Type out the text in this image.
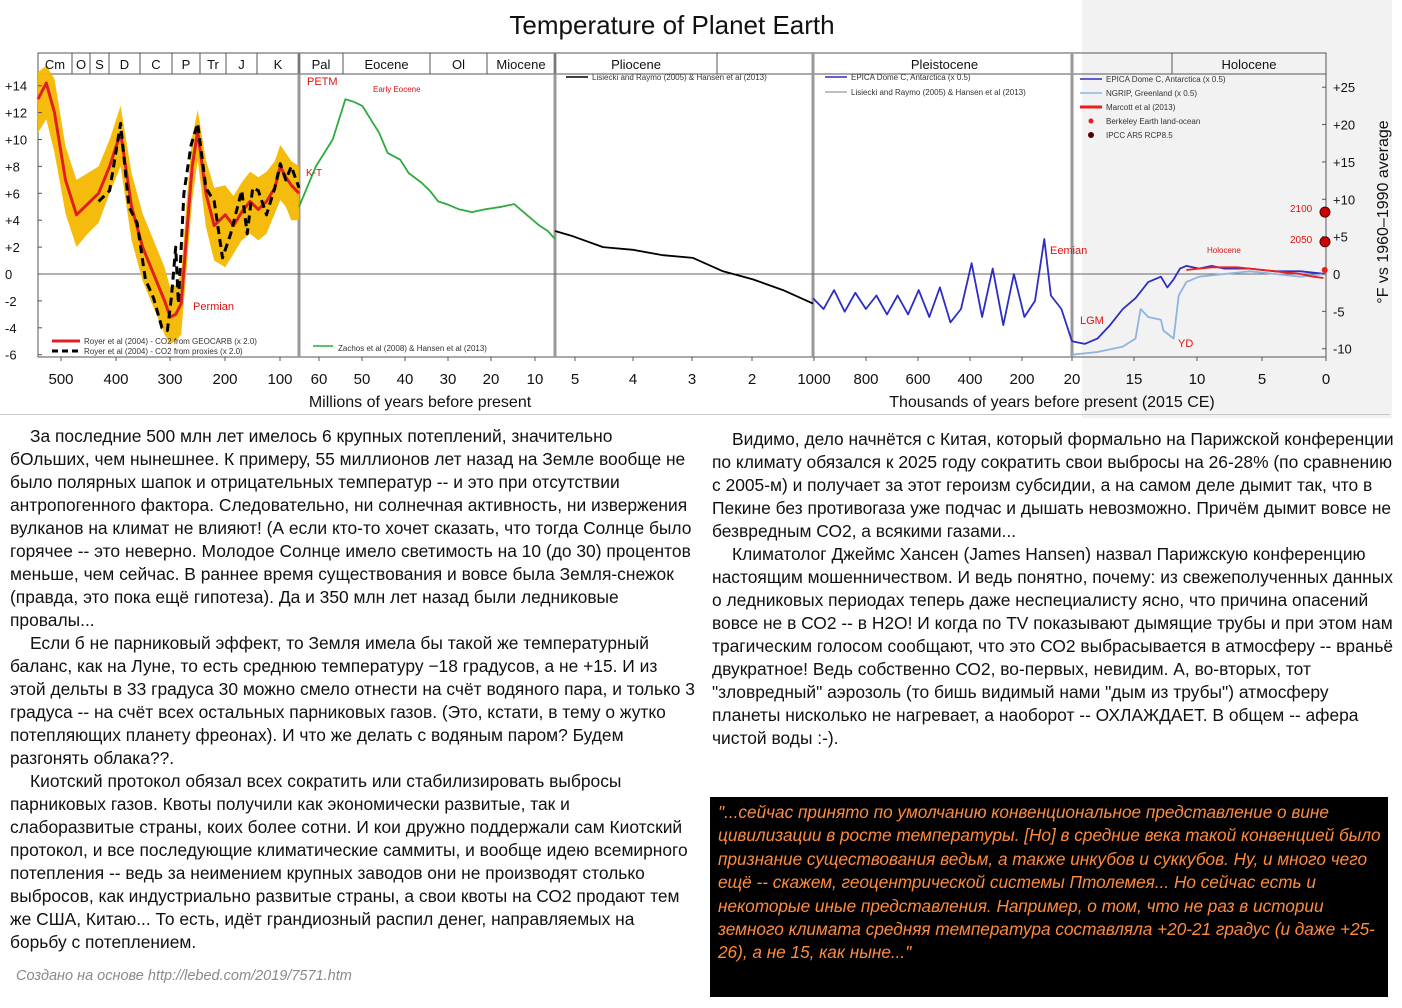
Temperature of Planet Earth
Cm O S D C P Tr J K Pal	Eocene	Ol Miocene	Pliocene	Pleistocene	Holocene
+14
+12
+10
+8
+6
+4
+2
0
-2
-4
-6
+25
+20
+15
+10
+5
0
-5
-10
500 400 300 200 100
Millions of years before present
60 50 40 30 20 10 5	4	3	2	1000 800 600 400 200 20	15	10	5	0
Thousands of years before present (2015 CE)
Royer et al (2004) - CO2 from GEOCARB (x 2.0)
Royer et al (2004) - CO2 from proxies (x 2.0)	Zachos et al (2008) & Hansen et al (2013)
Lisiecki and Raymo (2005) & Hansen et al (2013)	EPICA Dome C, Antarctica (x 0.5)
Lisiecki and Raymo (2005) & Hansen et al (2013)
EPICA Dome C, Antarctica (x 0.5)
NGRIP, Greenland (x 0.5)
Marcott et al (2013)
Berkeley Earth land-ocean
IPCC AR5 RCP8.5
Permian
PETM
Early Eocene
K-T
Eemian
LGM
YD
Holocene
2050
2100	°F vs 1960–1990 average

За последние 500 млн лет имелось 6 крупных потеплений, значительно бОльших, чем нынешнее. К примеру, 55 миллионов лет назад на Земле вообще не было полярных шапок и отрицательных температур -- и это при отсутствии антропогенного фактора. Следовательно, ни солнечная активность, ни извержения вулканов на климат не влияют! (А если кто-то хочет сказать, что тогда Солнце было горячее -- это неверно. Молодое Солнце имело светимость на 10 (до 30) процентов меньше, чем сейчас. В раннее время существования и вовсе была Земля-снежок (правда, это пока ещё гипотеза). Да и 350 млн лет назад были ледниковые провалы...

Если б не парниковый эффект, то Земля имела бы такой же температурный баланс, как на Луне, то есть среднюю температуру −18 градусов, а не +15. И из этой дельты в 33 градуса 30 можно смело отнести на счёт водяного пара, и только 3 градуса -- на счёт всех остальных парниковых газов. (Это, кстати, в тему о жутко потепляющих планету фреонах). И что же делать с водяным паром? Будем разгонять облака??.

Киотский протокол обязал всех сократить или стабилизировать выбросы парниковых газов. Квоты получили как экономически развитые, так и слаборазвитые страны, коих более сотни. И кои дружно поддержали сам Киотский протокол, и все последующие климатические саммиты, и вообще идею всемирного потепления -- ведь за неимением крупных заводов они не производят столько выбросов, как индустриально развитые страны, а свои квоты на СО2 продают тем же США, Китаю... То есть, идёт грандиозный распил денег, направляемых на борьбу с потеплением.

Видимо, дело начнётся с Китая, который формально на Парижской конференции по климату обязался к 2025 году сократить свои выбросы на 26-28% (по сравнению с 2005-м) и получает за этот героизм субсидии, а на самом деле дымит так, что в Пекине без противогаза уже подчас и дышать невозможно. Причём дымит вовсе не безвредным СО2, а всякими газами...

Климатолог Джеймс Хансен (James Hansen) назвал Парижскую конференцию настоящим мошенничеством. И ведь понятно, почему: из свежеполученных данных о ледниковых периодах теперь даже неспециалисту ясно, что причина опасений вовсе не в СО2 -- в Н2О! И когда по TV показывают дымящие трубы и при этом нам трагическим голосом сообщают, что это СО2 выбрасывается в атмосферу -- враньё двукратное! Ведь собственно СО2, во-первых, невидим. А, во-вторых, тот "зловредный" аэрозоль (то бишь видимый нами "дым из трубы") атмосферу планеты нисколько не нагревает, а наоборот -- ОХЛАЖДАЕТ. В общем -- афера чистой воды :-).

"...сейчас принято по умолчанию конвенциональное представление о вине цивилизации в росте температуры. [Но] в средние века такой конвенцией было признание существования ведьм, а также инкубов и суккубов. Ну, и много чего ещё -- скажем, геоцентрической системы Птолемея... Но сейчас есть и некоторые иные представления. Например, о том, что не раз в истории земного климата средняя температура составляла +20-21 градус (и даже +25-26), а не 15, как ныне..."
Создано на основе http://lebed.com/2019/7571.htm
